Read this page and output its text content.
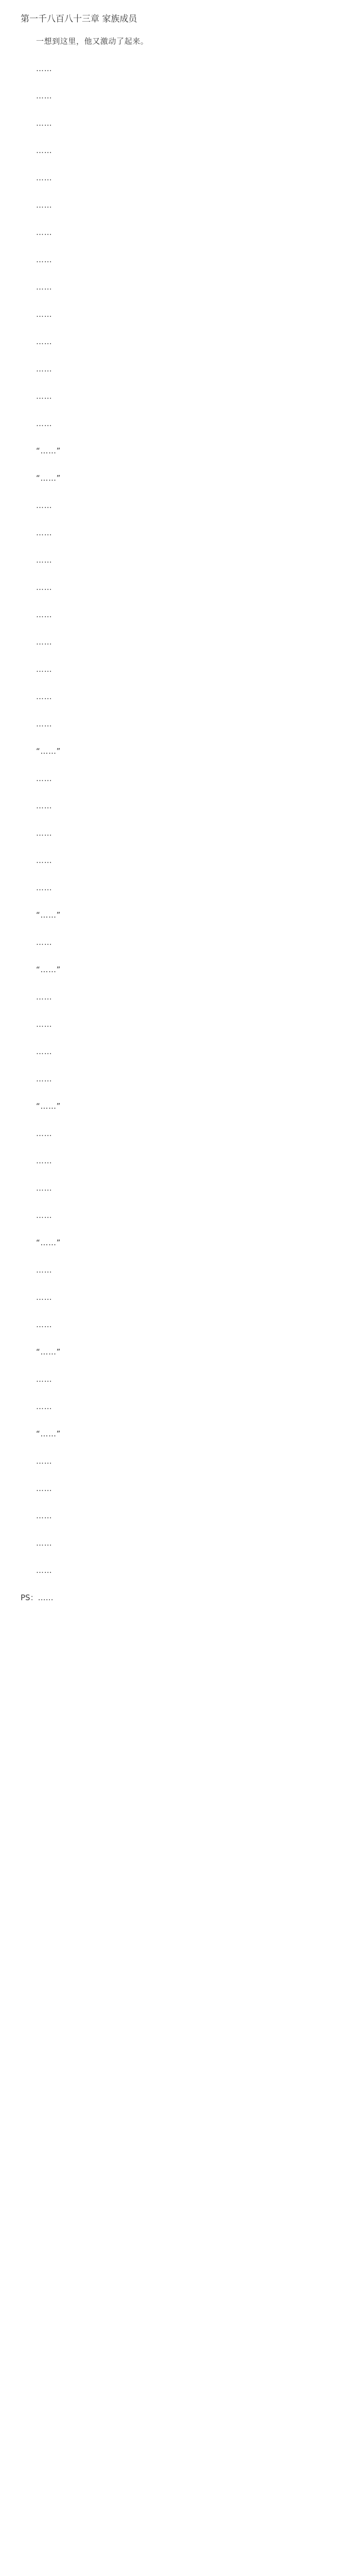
第一千八百八十三章 家族成员

一想到这里，他又激动了起来。

……

……

……

……

……

……

……

……

……

……

……

……

……

……

“……”

“……”

……

……

……

……

……

……

……

……

……

“……”

……

……

……

……

……

“……”

……

“……”

……

……

……

……

“……”

……

……

……

……

“……”

……

……

……

“……”

……

……

“……”

……

……

……

……

……

PS：……
